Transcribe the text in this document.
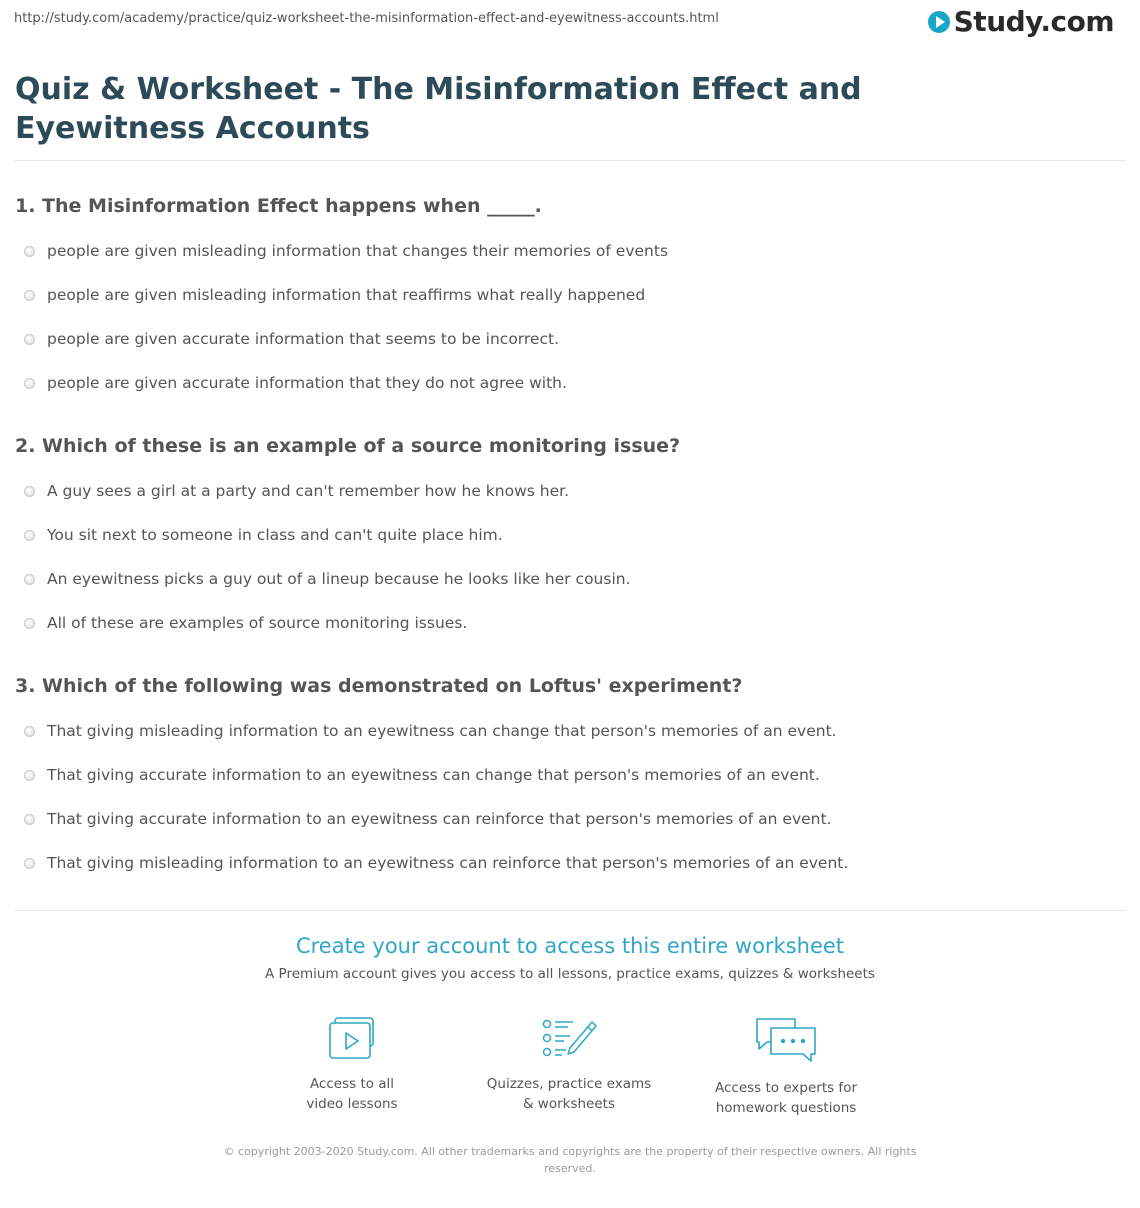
http://study.com/academy/practice/quiz-worksheet-the-misinformation-effect-and-eyewitness-accounts.html	Study.com
Quiz & Worksheet - The Misinformation Effect and Eyewitness Accounts

1. The Misinformation Effect happens when _____.

people are given misleading information that changes their memories of events
people are given misleading information that reaffirms what really happened
people are given accurate information that seems to be incorrect.
people are given accurate information that they do not agree with.

2. Which of these is an example of a source monitoring issue?

A guy sees a girl at a party and can't remember how he knows her.
You sit next to someone in class and can't quite place him.
An eyewitness picks a guy out of a lineup because he looks like her cousin.
All of these are examples of source monitoring issues.

3. Which of the following was demonstrated on Loftus' experiment?

That giving misleading information to an eyewitness can change that person's memories of an event.
That giving accurate information to an eyewitness can change that person's memories of an event.
That giving accurate information to an eyewitness can reinforce that person's memories of an event.
That giving misleading information to an eyewitness can reinforce that person's memories of an event.
Create your account to access this entire worksheet
A Premium account gives you access to all lessons, practice exams, quizzes & worksheets
Access to all
video lessons
Quizzes, practice exams
& worksheets
Access to experts for
homework questions
© copyright 2003-2020 Study.com. All other trademarks and copyrights are the property of their respective owners. All rights reserved.
